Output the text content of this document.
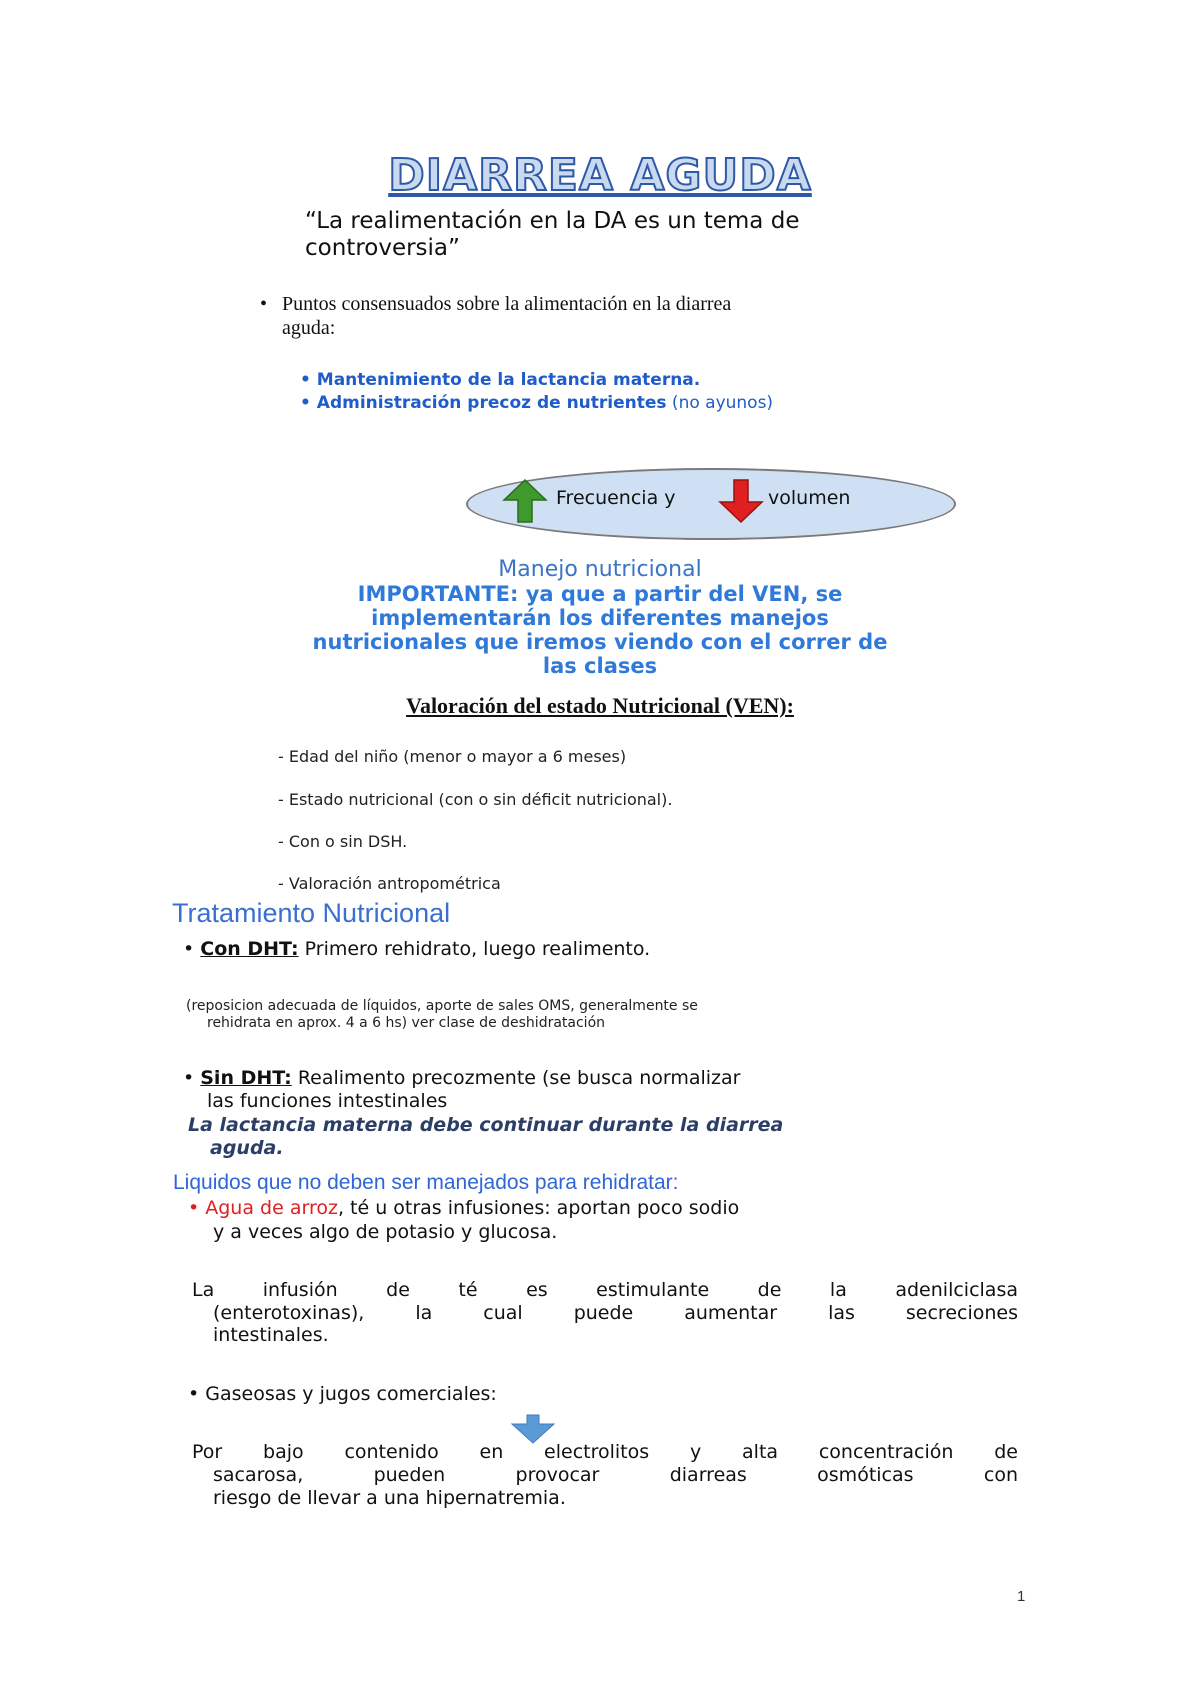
DIARREA AGUDA
“La realimentación en la DA es un tema de
controversia”
• Puntos consensuados sobre la alimentación en la diarrea
aguda:
• Mantenimiento de la lactancia materna.
• Administración precoz de nutrientes (no ayunos)
Frecuencia y	volumen
Manejo nutricional
IMPORTANTE: ya que a partir del VEN, se
implementarán los diferentes manejos
nutricionales que iremos viendo con el correr de
las clases
Valoración del estado Nutricional (VEN):
- Edad del niño (menor o mayor a 6 meses)
- Estado nutricional (con o sin déficit nutricional).
- Con o sin DSH.
- Valoración antropométrica
Tratamiento Nutricional
• Con DHT: Primero rehidrato, luego realimento.
(reposicion adecuada de líquidos, aporte de sales OMS, generalmente se
rehidrata en aprox. 4 a 6 hs) ver clase de deshidratación
• Sin DHT: Realimento precozmente (se busca normalizar
las funciones intestinales
La lactancia materna debe continuar durante la diarrea
aguda.
Liquidos que no deben ser manejados para rehidratar:
• Agua de arroz, té u otras infusiones: aportan poco sodio
y a veces algo de potasio y glucosa.
La infusión de té es estimulante de la adenilciclasa
(enterotoxinas), la cual puede aumentar las secreciones
intestinales.
• Gaseosas y jugos comerciales:
Por bajo contenido en electrolitos y alta concentración de
sacarosa, pueden provocar diarreas osmóticas con
riesgo de llevar a una hipernatremia.
1
